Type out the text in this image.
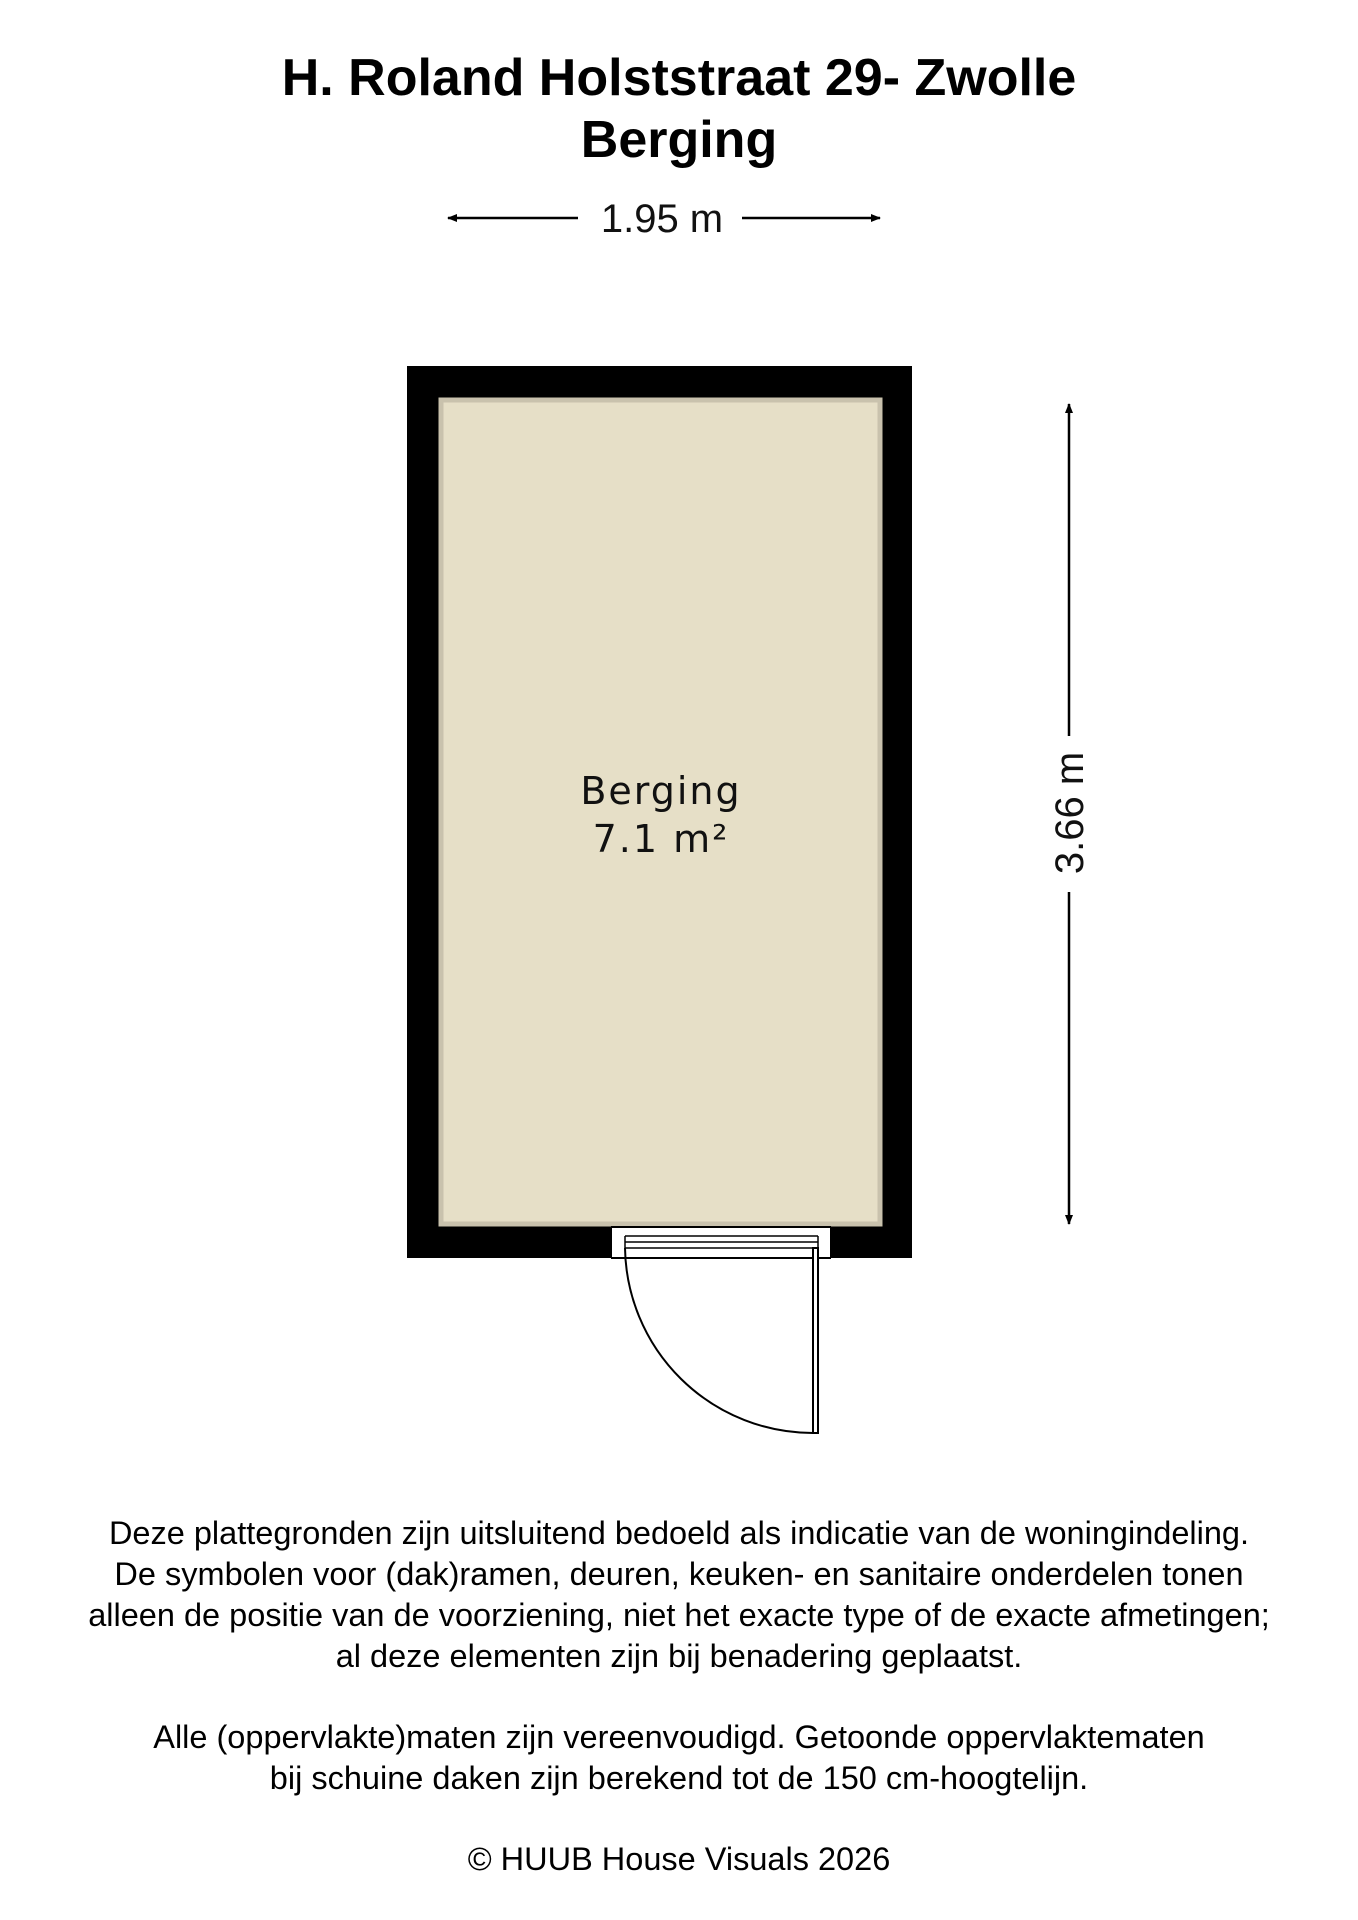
H. Roland Holststraat 29- Zwolle
Berging
1.95 m
Berging
7.1 m²	3.66 m
Deze plattegronden zijn uitsluitend bedoeld als indicatie van de woningindeling.
De symbolen voor (dak)ramen, deuren, keuken- en sanitaire onderdelen tonen
alleen de positie van de voorziening, niet het exacte type of de exacte afmetingen;
al deze elementen zijn bij benadering geplaatst.
Alle (oppervlakte)maten zijn vereenvoudigd. Getoonde oppervlaktematen
bij schuine daken zijn berekend tot de 150 cm-hoogtelijn.
© HUUB House Visuals 2026
